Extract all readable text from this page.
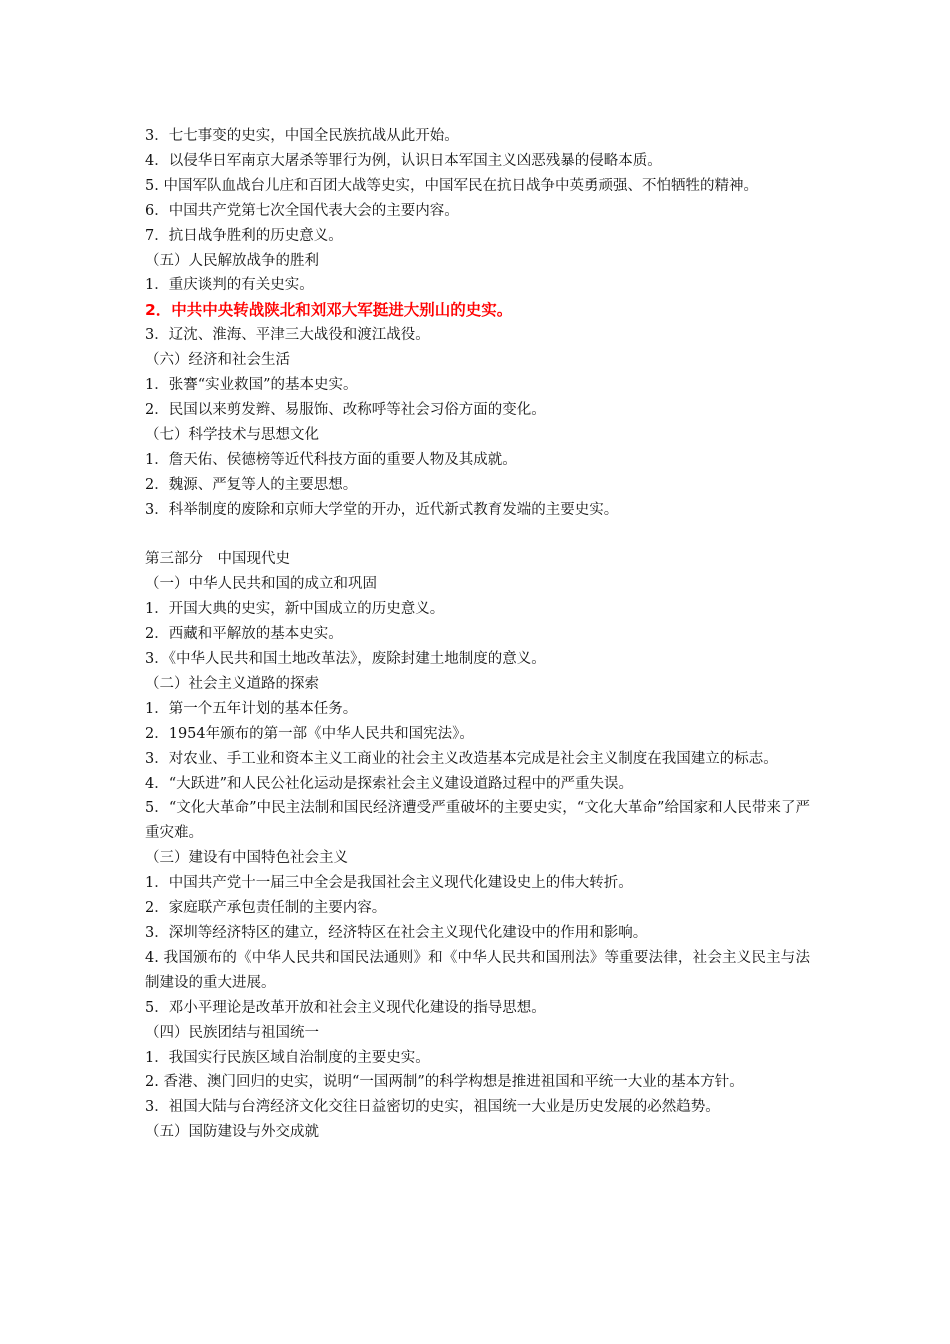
3．七七事变的史实，中国全民族抗战从此开始。

4．以侵华日军南京大屠杀等罪行为例，认识日本军国主义凶恶残暴的侵略本质。

5. 中国军队血战台儿庄和百团大战等史实，中国军民在抗日战争中英勇顽强、不怕牺牲的精神。

6．中国共产党第七次全国代表大会的主要内容。

7．抗日战争胜利的历史意义。

（五）人民解放战争的胜利

1．重庆谈判的有关史实。

2．中共中央转战陕北和刘邓大军挺进大别山的史实。

3．辽沈、淮海、平津三大战役和渡江战役。

（六）经济和社会生活

1．张謇“实业救国”的基本史实。

2．民国以来剪发辫、易服饰、改称呼等社会习俗方面的变化。

（七）科学技术与思想文化

1．詹天佑、侯德榜等近代科技方面的重要人物及其成就。

2．魏源、严复等人的主要思想。

3．科举制度的废除和京师大学堂的开办，近代新式教育发端的主要史实。

第三部分　中国现代史

（一）中华人民共和国的成立和巩固

1．开国大典的史实，新中国成立的历史意义。

2．西藏和平解放的基本史实。

3．《中华人民共和国土地改革法》，废除封建土地制度的意义。

（二）社会主义道路的探索

1．第一个五年计划的基本任务。

2．1954年颁布的第一部《中华人民共和国宪法》。

3．对农业、手工业和资本主义工商业的社会主义改造基本完成是社会主义制度在我国建立的标志。

4．“大跃进”和人民公社化运动是探索社会主义建设道路过程中的严重失误。

5．“文化大革命”中民主法制和国民经济遭受严重破坏的主要史实，“文化大革命”给国家和人民带来了严重灾难。

（三）建设有中国特色社会主义

1．中国共产党十一届三中全会是我国社会主义现代化建设史上的伟大转折。

2．家庭联产承包责任制的主要内容。

3．深圳等经济特区的建立，经济特区在社会主义现代化建设中的作用和影响。

4. 我国颁布的《中华人民共和国民法通则》和《中华人民共和国刑法》等重要法律，社会主义民主与法制建设的重大进展。

5．邓小平理论是改革开放和社会主义现代化建设的指导思想。

（四）民族团结与祖国统一

1．我国实行民族区域自治制度的主要史实。

2. 香港、澳门回归的史实，说明“一国两制”的科学构想是推进祖国和平统一大业的基本方针。

3．祖国大陆与台湾经济文化交往日益密切的史实，祖国统一大业是历史发展的必然趋势。

（五）国防建设与外交成就
